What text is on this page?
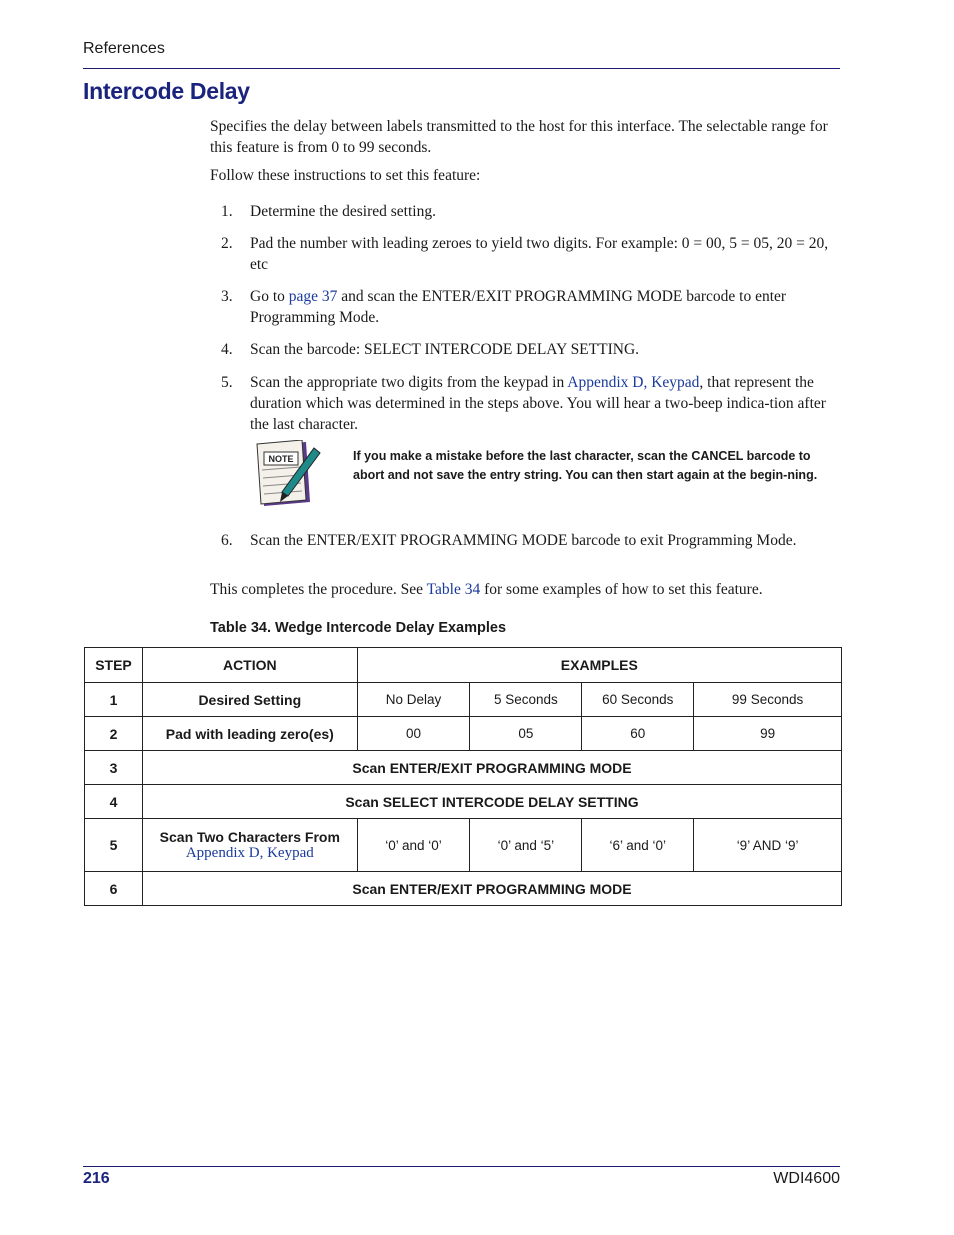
References
Intercode Delay
Specifies the delay between labels transmitted to the host for this interface. The selectable range for this feature is from 0 to 99 seconds.
Follow these instructions to set this feature:
1. Determine the desired setting.
2. Pad the number with leading zeroes to yield two digits. For example: 0 = 00, 5 = 05, 20 = 20, etc
3. Go to page 37 and scan the ENTER/EXIT PROGRAMMING MODE barcode to enter Programming Mode.
4. Scan the barcode: SELECT INTERCODE DELAY SETTING.
5. Scan the appropriate two digits from the keypad in Appendix D, Keypad, that represent the duration which was determined in the steps above. You will hear a two-beep indica-tion after the last character.
NOTE	If you make a mistake before the last character, scan the CANCEL barcode to abort and not save the entry string. You can then start again at the begin-ning.
6. Scan the ENTER/EXIT PROGRAMMING MODE barcode to exit Programming Mode.
This completes the procedure. See Table 34 for some examples of how to set this feature.
Table 34. Wedge Intercode Delay Examples
STEP	ACTION	EXAMPLES			
1	Desired Setting	No Delay	5 Seconds	60 Seconds	99 Seconds
2	Pad with leading zero(es)	00	05	60	99
3	Scan ENTER/EXIT PROGRAMMING MODE				
4	Scan SELECT INTERCODE DELAY SETTING				
5	Scan Two Characters From
Appendix D, Keypad	‘0’ and ‘0’	‘0’ and ‘5’	‘6’ and ‘0’	‘9’ AND ‘9’
6	Scan ENTER/EXIT PROGRAMMING MODE				
216	WDI4600
